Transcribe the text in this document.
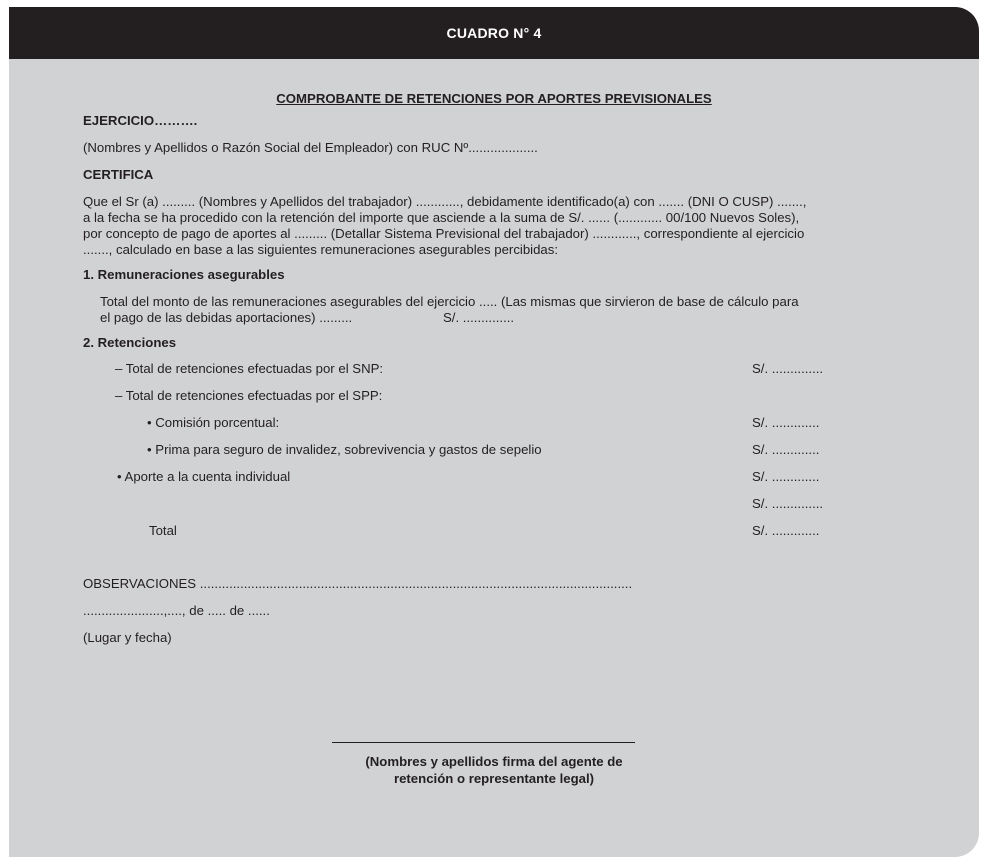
CUADRO N° 4
COMPROBANTE DE RETENCIONES POR APORTES PREVISIONALES
EJERCICIO……….
(Nombres y Apellidos o Razón Social del Empleador) con RUC Nº...................
CERTIFICA
Que el Sr (a) ......... (Nombres y Apellidos del trabajador) ............, debidamente identificado(a) con ....... (DNI O CUSP) .......,
a la fecha se ha procedido con la retención del importe que asciende a la suma de S/. ...... (............ 00/100 Nuevos Soles),
por concepto de pago de aportes al ......... (Detallar Sistema Previsional del trabajador) ............, correspondiente al ejercicio
......., calculado en base a las siguientes remuneraciones asegurables percibidas:
1. Remuneraciones asegurables
Total del monto de las remuneraciones asegurables del ejercicio ..... (Las mismas que sirvieron de base de cálculo para
el pago de las debidas aportaciones) .........	S/. ..............
2. Retenciones
– Total de retenciones efectuadas por el SNP:	S/. ..............
– Total de retenciones efectuadas por el SPP:
• Comisión porcentual:	S/. .............
• Prima para seguro de invalidez, sobrevivencia y gastos de sepelio	S/. .............
• Aporte a la cuenta individual	S/. .............
S/. ..............
Total	S/. .............
OBSERVACIONES ......................................................................................................................
......................,...., de ..... de ......
(Lugar y fecha)
(Nombres y apellidos firma del agente de
retención o representante legal)
